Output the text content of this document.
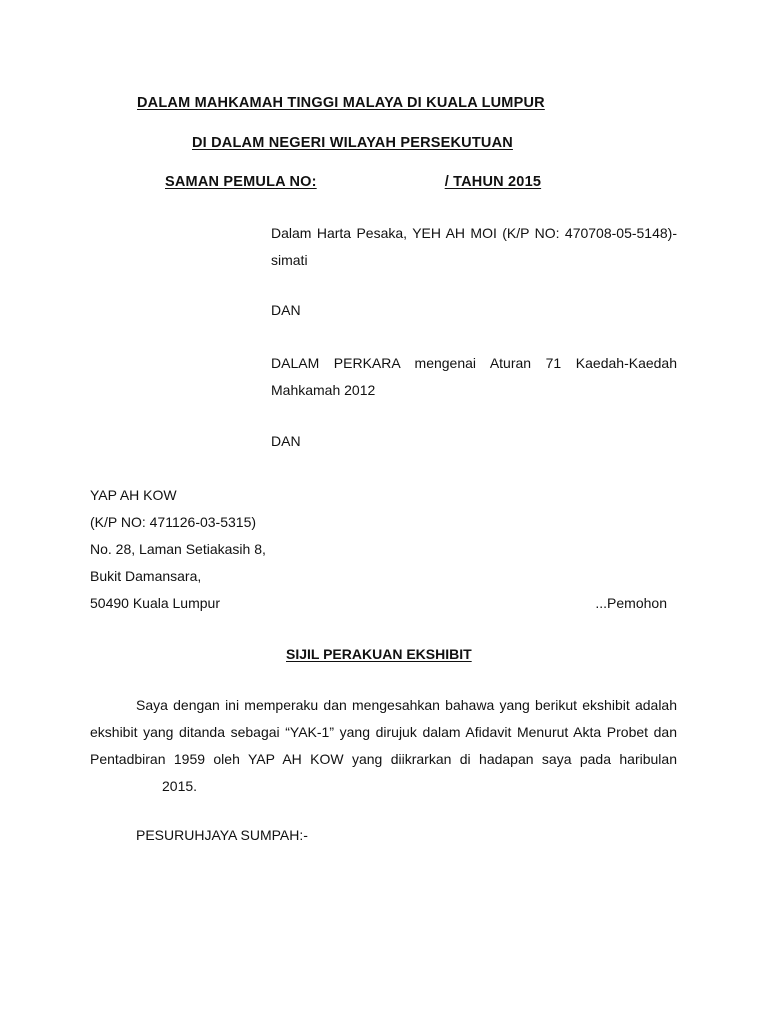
DALAM MAHKAMAH TINGGI MALAYA DI KUALA LUMPUR
DI DALAM NEGERI WILAYAH PERSEKUTUAN
SAMAN PEMULA NO:	/ TAHUN 2015
Dalam Harta Pesaka, YEH AH MOI (K/P NO: 470708-05-5148)- simati
DAN
DALAM PERKARA mengenai Aturan 71 Kaedah-Kaedah Mahkamah 2012
DAN
YAP AH KOW
(K/P NO: 471126-03-5315)
No. 28, Laman Setiakasih 8,
Bukit Damansara,
50490 Kuala Lumpur	...Pemohon
SIJIL PERAKUAN EKSHIBIT
Saya dengan ini memperaku dan mengesahkan bahawa yang berikut ekshibit adalah ekshibit yang ditanda sebagai “YAK-1” yang dirujuk dalam Afidavit Menurut Akta Probet dan Pentadbiran 1959 oleh YAP AH KOW yang diikrarkan di hadapan saya pada haribulan2015.
PESURUHJAYA SUMPAH:-
